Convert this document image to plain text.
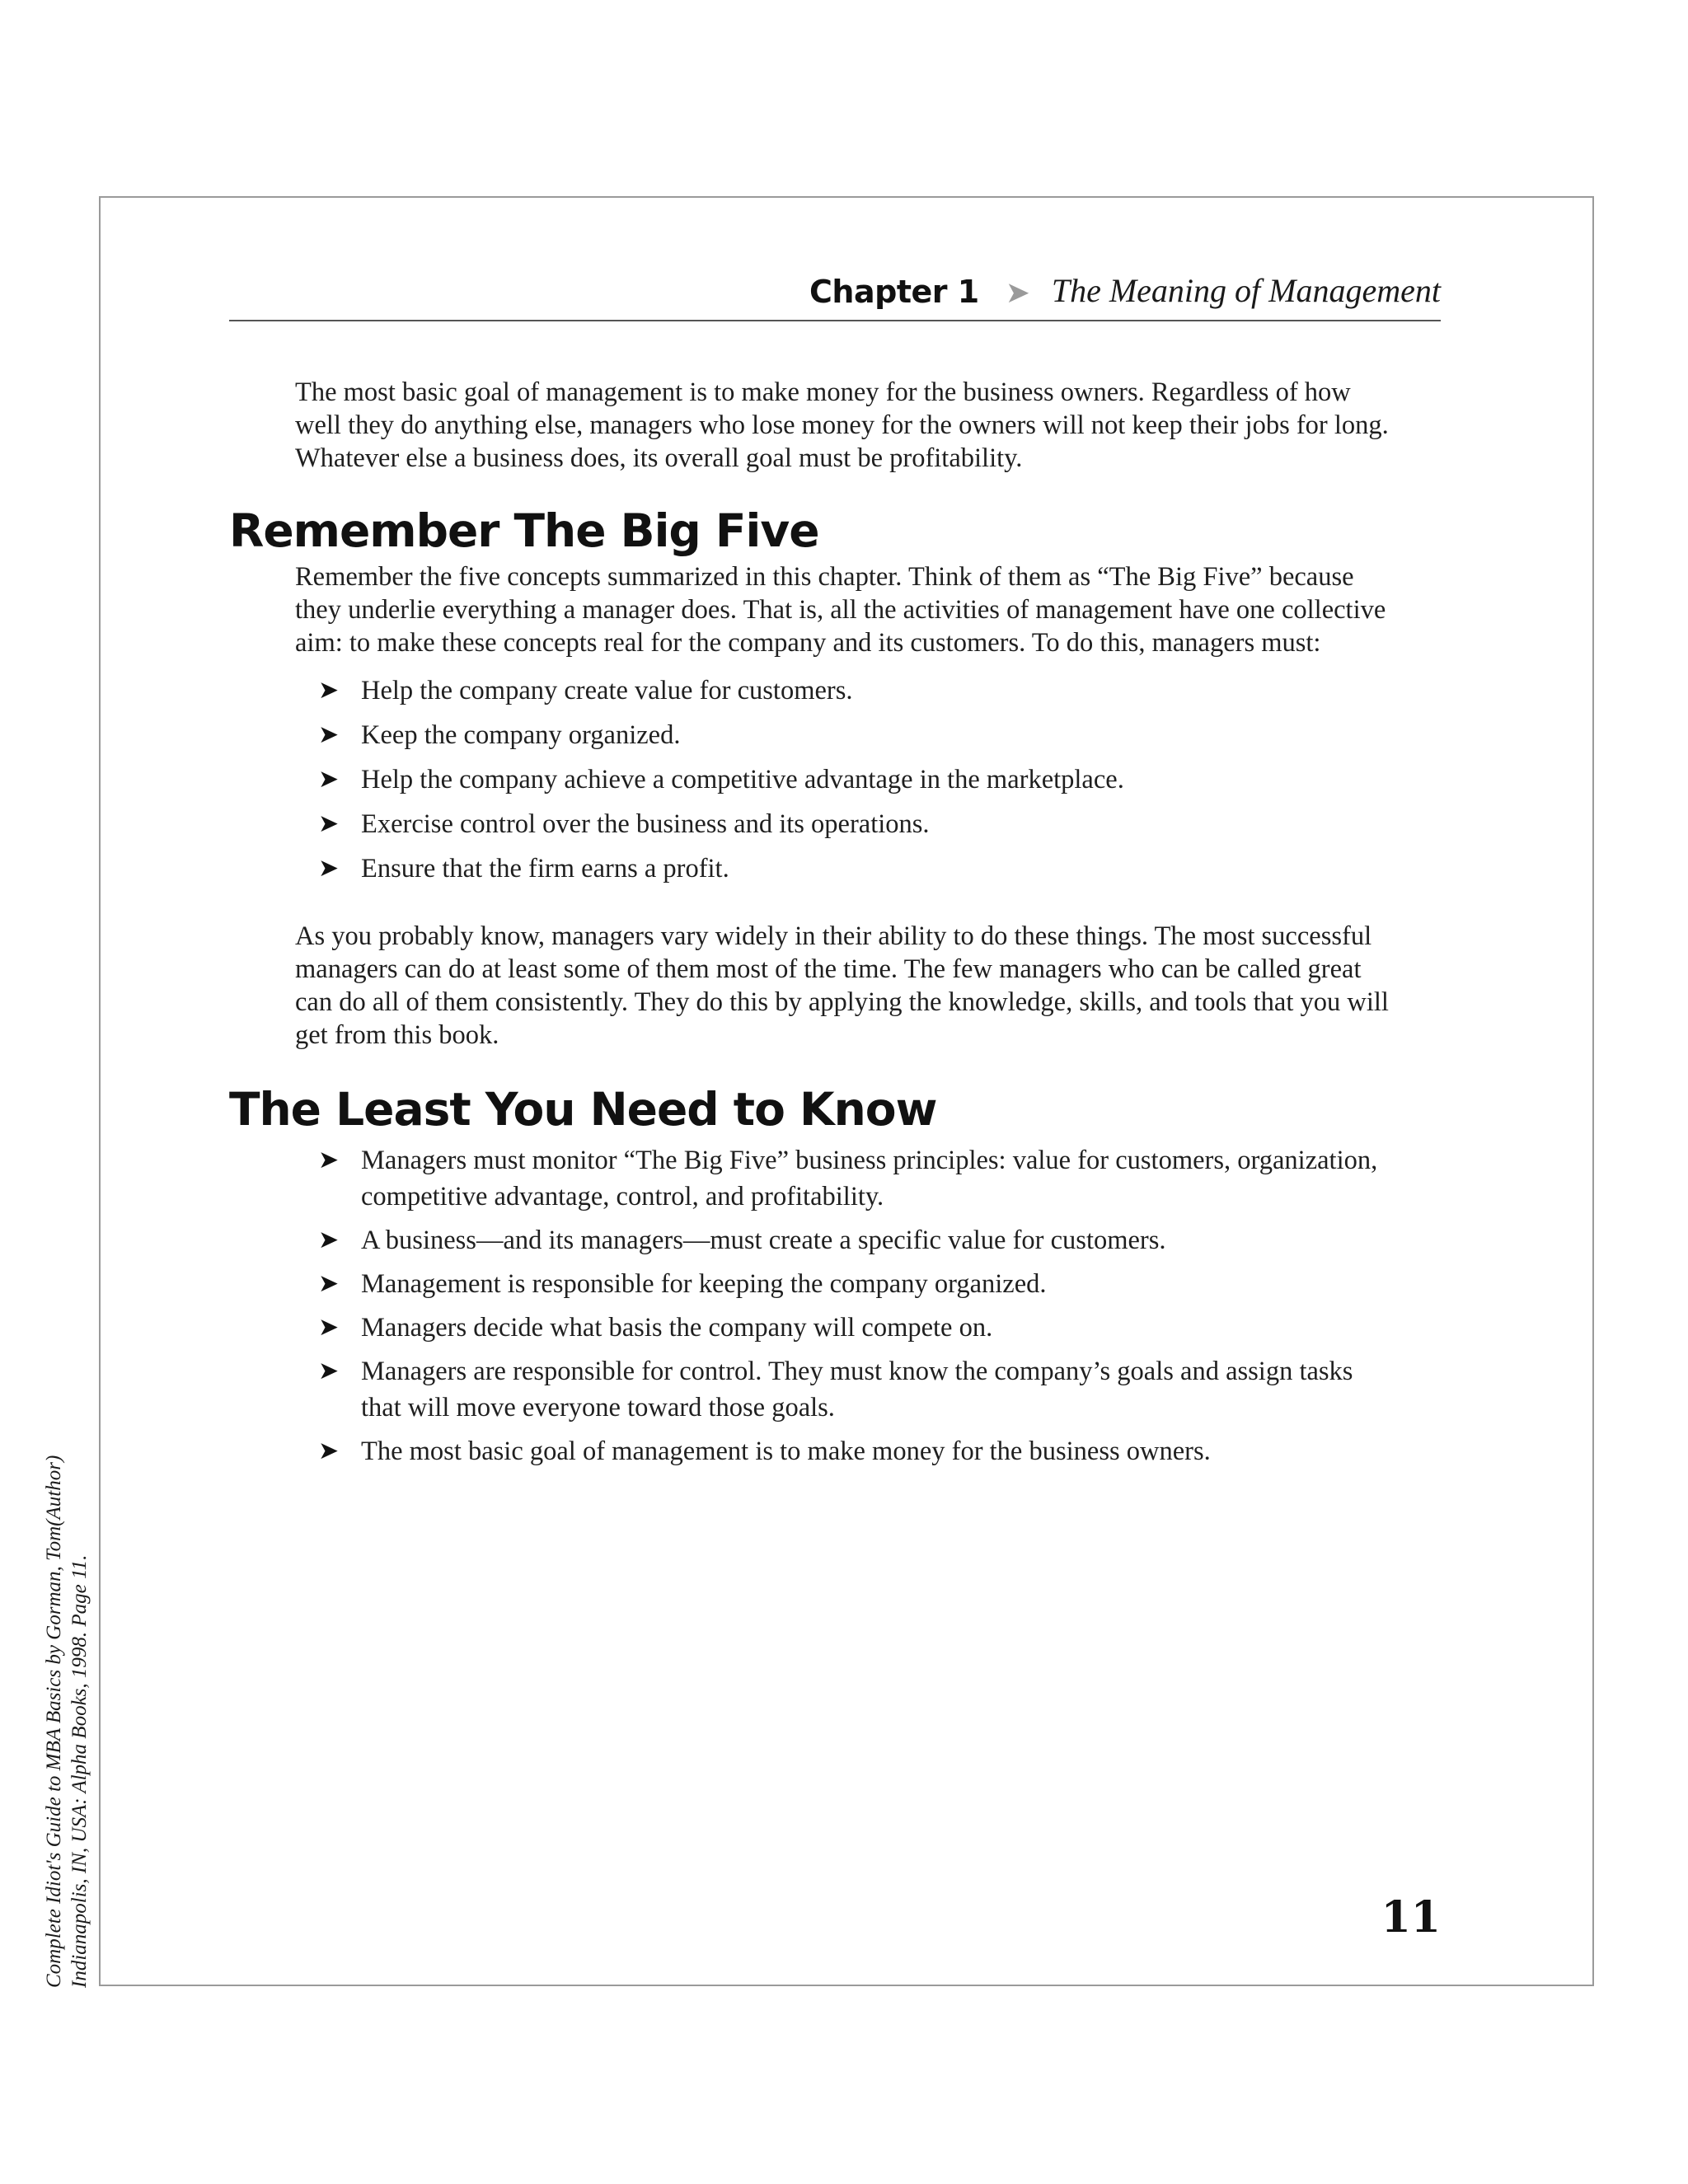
Chapter 1 ➤ The Meaning of Management

The most basic goal of management is to make money for the business owners. Regardless of how well they do anything else, managers who lose money for the owners will not keep their jobs for long. Whatever else a business does, its overall goal must be profitability.

Remember The Big Five

Remember the five concepts summarized in this chapter. Think of them as “The Big Five” because they underlie everything a manager does. That is, all the activities of management have one collective aim: to make these concepts real for the company and its customers. To do this, managers must:

➤ Help the company create value for customers.
➤ Keep the company organized.
➤ Help the company achieve a competitive advantage in the marketplace.
➤ Exercise control over the business and its operations.
➤ Ensure that the firm earns a profit.

As you probably know, managers vary widely in their ability to do these things. The most successful managers can do at least some of them most of the time. The few managers who can be called great can do all of them consistently. They do this by applying the knowledge, skills, and tools that you will get from this book.

The Least You Need to Know
➤ Managers must monitor “The Big Five” business principles: value for customers, organization, competitive advantage, control, and profitability.
➤ A business—and its managers—must create a specific value for customers.
➤ Management is responsible for keeping the company organized.
➤ Managers decide what basis the company will compete on.
➤ Managers are responsible for control. They must know the company’s goals and assign tasks that will move everyone toward those goals.
➤ The most basic goal of management is to make money for the business owners.
11
Complete Idiot's Guide to MBA Basics by Gorman, Tom(Author) Indianapolis, IN, USA: Alpha Books, 1998. Page 11.
